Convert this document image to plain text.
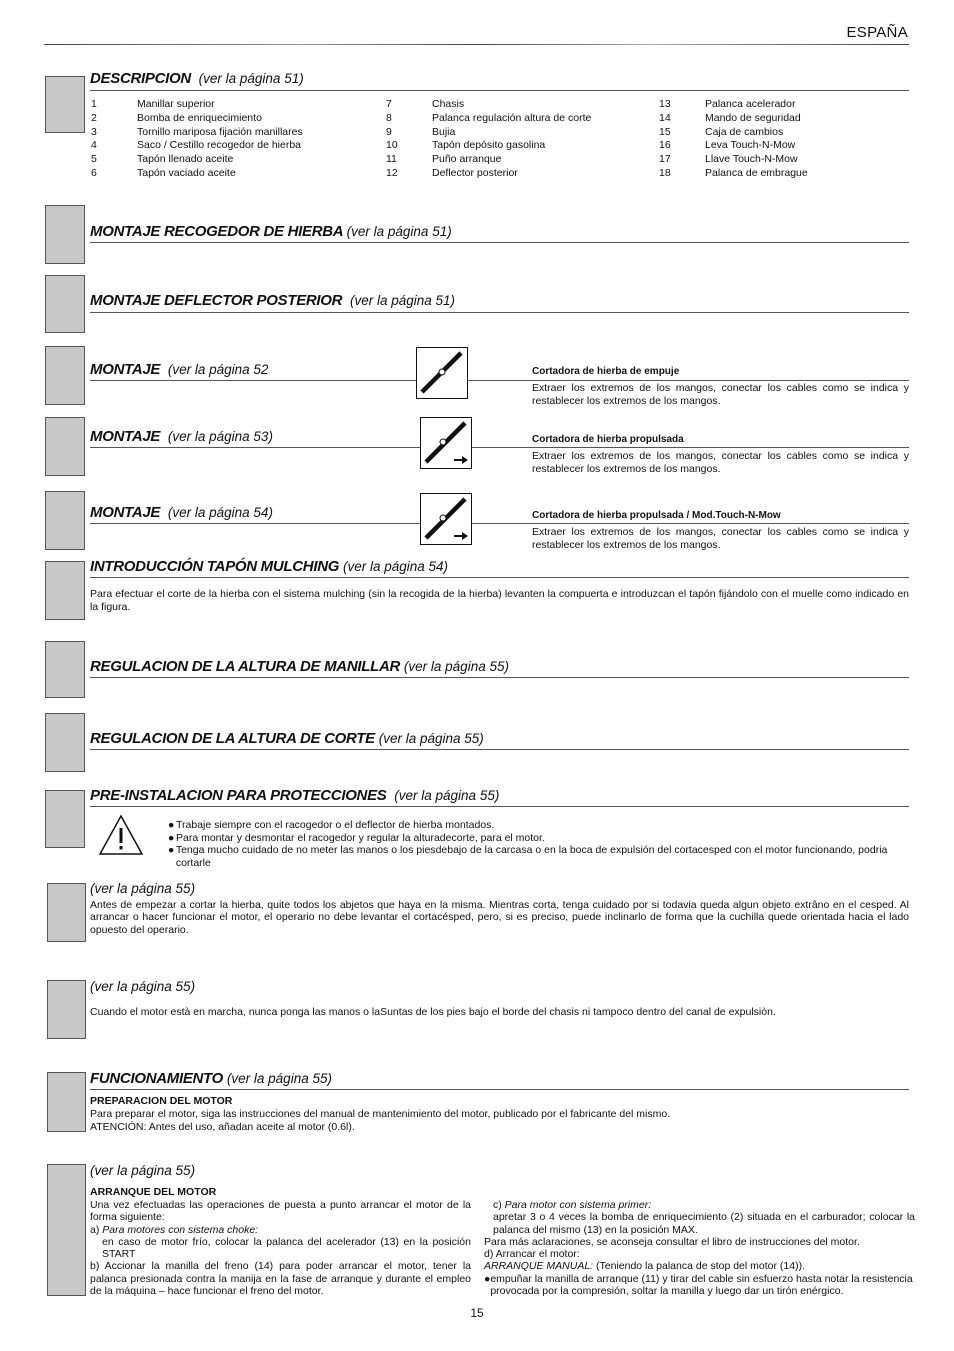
ESPAÑA
DESCRIPCION (ver la página 51)
1	Manillar superior
2	Bomba de enriquecimiento
3	Tornillo mariposa fijación manillares
4	Saco / Cestillo recogedor de hierba
5	Tapón llenado aceite
6	Tapón vaciado aceite
7	Chasis
8	Palanca regulación altura de corte
9	Bujia
10	Tapón depósito gasolina
11	Puño arranque
12	Deflector posterior
13	Palanca acelerador
14	Mando de seguridad
15	Caja de cambios
16	Leva Touch-N-Mow
17	Llave Touch-N-Mow
18	Palanca de embrague
MONTAJE RECOGEDOR DE HIERBA (ver la página 51)
MONTAJE DEFLECTOR POSTERIOR (ver la página 51)
MONTAJE (ver la página 52	Cortadora de hierba de empuje
Extraer los extremos de los mangos, conectar los cables como se indica y restablecer los extremos de los mangos.
MONTAJE (ver la página 53)	Cortadora de hierba propulsada
Extraer los extremos de los mangos, conectar los cables como se indica y restablecer los extremos de los mangos.
MONTAJE (ver la página 54)	Cortadora de hierba propulsada / Mod.Touch-N-Mow
Extraer los extremos de los mangos, conectar los cables como se indica y restablecer los extremos de los mangos.
INTRODUCCIÓN TAPÓN MULCHING (ver la página 54)
Para efectuar el corte de la hierba con el sistema mulching (sin la recogida de la hierba) levanten la compuerta e introduzcan el tapón fijándolo con el muelle como indicado en la figura.
REGULACION DE LA ALTURA DE MANILLAR (ver la página 55)
REGULACION DE LA ALTURA DE CORTE (ver la página 55)
PRE-INSTALACION PARA PROTECCIONES (ver la página 55)
● Trabaje siempre con el racogedor o el deflector de hierba montados.
● Para montar y desmontar el racogedor y regular la alturadecorte, para el motor.
● Tenga mucho cuidado de no meter las manos o los piesdebajo de la carcasa o en la boca de expulsión del cortacesped con el motor funcionando, podria cortarle
(ver la página 55)
Antes de empezar a cortar la hierba, quite todos los abjetos que haya en la misma. Mientras corta, tenga cuidado por si todavia queda algun objeto extrâno en el cesped. Al arrancar o hacer funcionar el motor, el operario no debe levantar el cortacésped, pero, si es preciso, puede inclinarlo de forma que la cuchilla quede orientada hacia el lado opuesto del operario.
(ver la página 55)
Cuando el motor està en marcha, nunca ponga las manos o laSuntas de los pies bajo el borde del chasis ni tampoco dentro del canal de expulsiòn.
FUNCIONAMIENTO (ver la página 55)
PREPARACION DEL MOTOR
Para preparar el motor, siga las instrucciones del manual de mantenimiento del motor, publicado por el fabricante del mismo.
ATENCIÓN: Antes del uso, añadan aceite al motor (0.6l).
(ver la página 55)
ARRANQUE DEL MOTOR
Una vez efectuadas las operaciones de puesta a punto arrancar el motor de la forma siguiente:
a) Para motores con sistema choke:
en caso de motor frío, colocar la palanca del acelerador (13) en la posición START
b) Accionar la manilla del freno (14) para poder arrancar el motor, tener la palanca presionada contra la manija en la fase de arranque y durante el empleo de la máquina – hace funcionar el freno del motor.
c) Para motor con sistema primer:
apretar 3 o 4 veces la bomba de enriquecimiento (2) situada en el carburador; colocar la palanca del mismo (13) en la posición MAX.
Para más aclaraciones, se aconseja consultar el libro de instrucciones del motor.
d) Arrancar el motor:
ARRANQUE MANUAL: (Teniendo la palanca de stop del motor (14)).
● empuñar la manilla de arranque (11) y tirar del cable sin esfuerzo hasta notar la resistencia provocada por la compresión, soltar la manilla y luego dar un tirón enérgico.
15
